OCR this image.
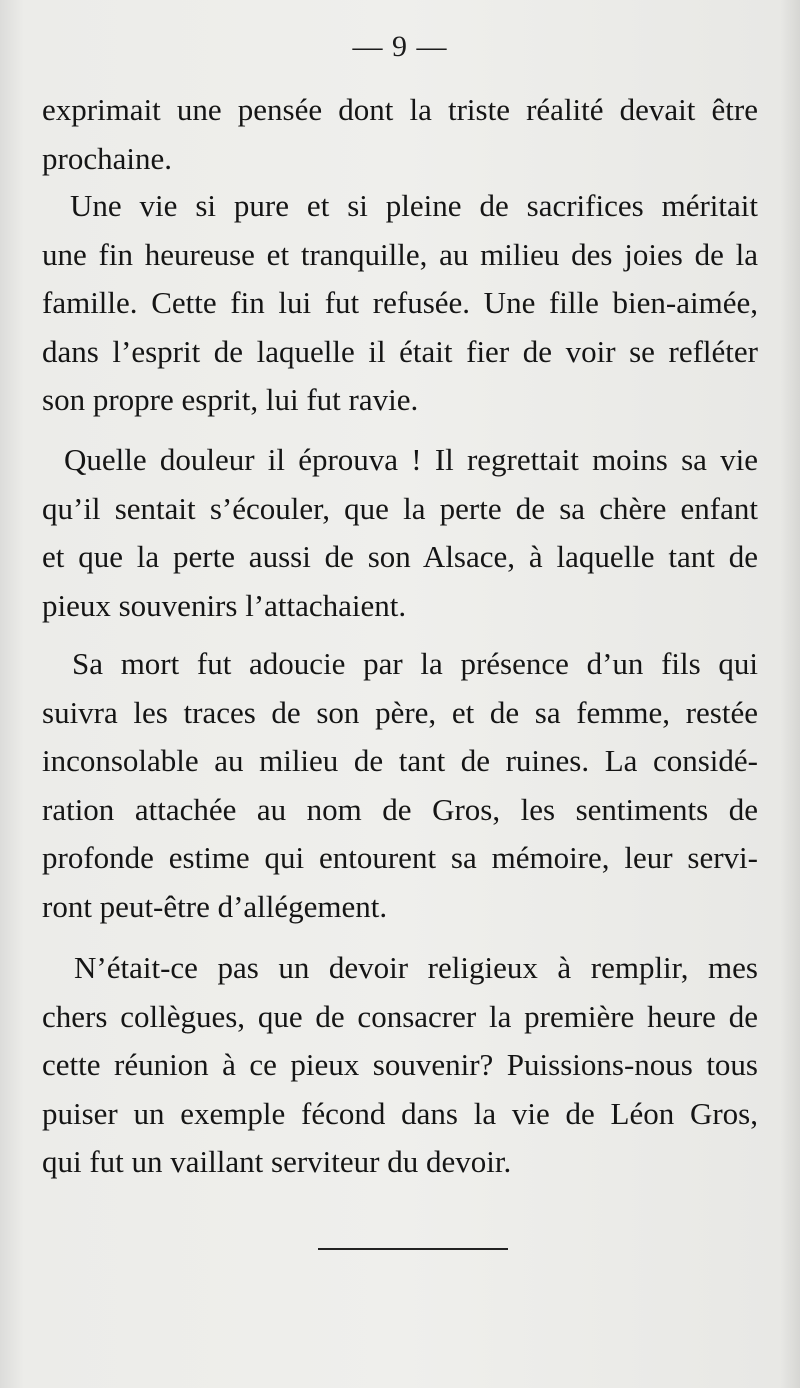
— 9 —
exprimait une pensée dont la triste réalité devait être
prochaine.
Une vie si pure et si pleine de sacrifices méritait
une fin heureuse et tranquille, au milieu des joies de la
famille. Cette fin lui fut refusée. Une fille bien-aimée,
dans l’esprit de laquelle il était fier de voir se refléter
son propre esprit, lui fut ravie.
Quelle douleur il éprouva ! Il regrettait moins sa vie
qu’il sentait s’écouler, que la perte de sa chère enfant
et que la perte aussi de son Alsace, à laquelle tant de
pieux souvenirs l’attachaient.
Sa mort fut adoucie par la présence d’un fils qui
suivra les traces de son père, et de sa femme, restée
inconsolable au milieu de tant de ruines. La considé-
ration attachée au nom de Gros, les sentiments de
profonde estime qui entourent sa mémoire, leur servi-
ront peut-être d’allégement.
N’était-ce pas un devoir religieux à remplir, mes
chers collègues, que de consacrer la première heure de
cette réunion à ce pieux souvenir? Puissions-nous tous
puiser un exemple fécond dans la vie de Léon Gros,
qui fut un vaillant serviteur du devoir.
